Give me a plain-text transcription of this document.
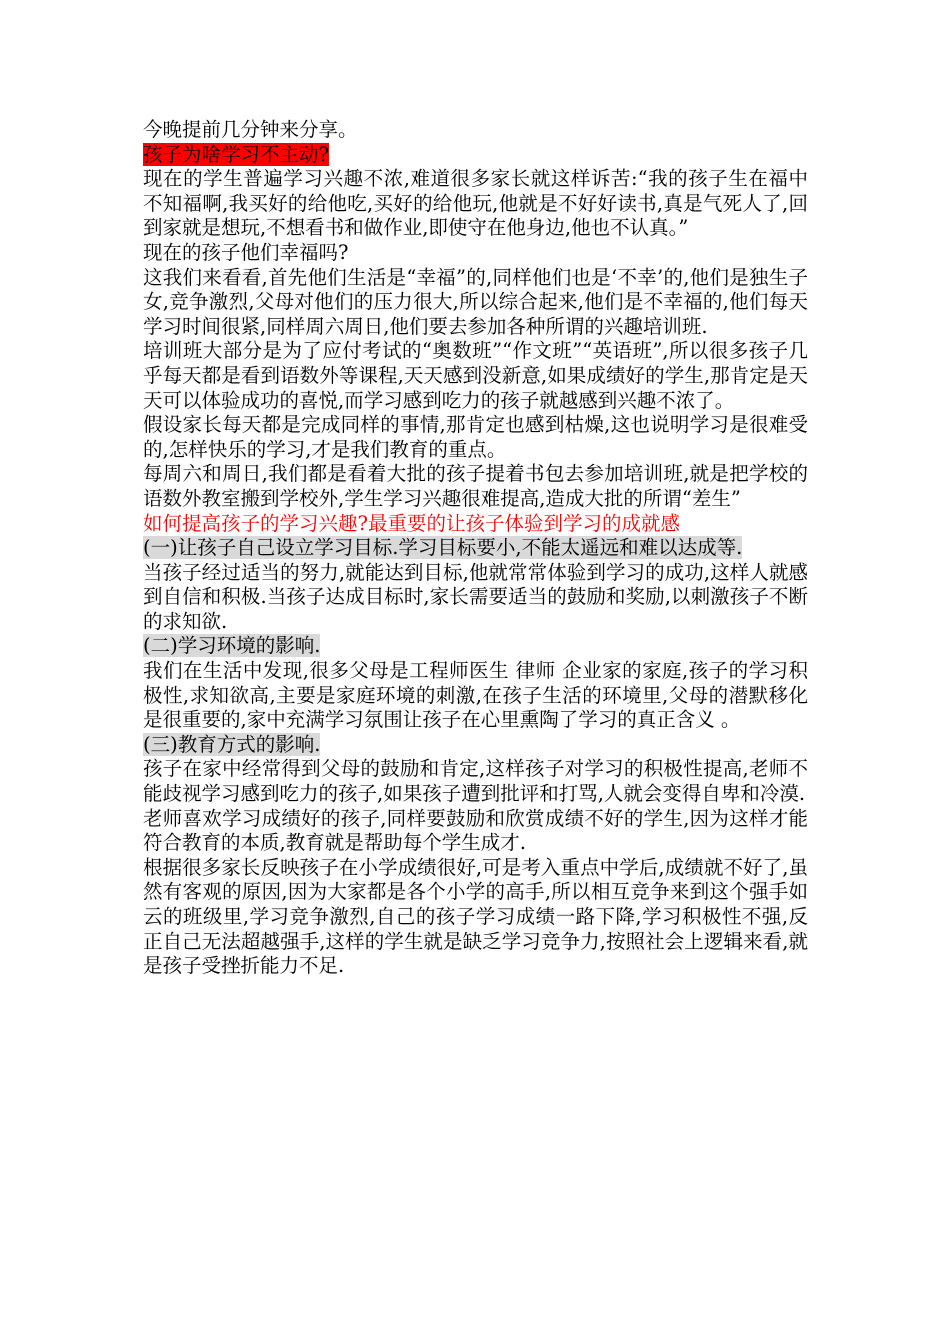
今晚提前几分钟来分享。

孩子为啥学习不主动?

现在的学生普遍学习兴趣不浓,难道很多家长就这样诉苦:“我的孩子生在福中不知福啊,我买好的给他吃,买好的给他玩,他就是不好好读书,真是气死人了,回到家就是想玩,不想看书和做作业,即使守在他身边,他也不认真。”

现在的孩子他们幸福吗?

这我们来看看,首先他们生活是“幸福”的,同样他们也是‘不幸’的,他们是独生子女,竞争激烈,父母对他们的压力很大,所以综合起来,他们是不幸福的,他们每天学习时间很紧,同样周六周日,他们要去参加各种所谓的兴趣培训班.

培训班大部分是为了应付考试的“奥数班”“作文班”“英语班”,所以很多孩子几乎每天都是看到语数外等课程,天天感到没新意,如果成绩好的学生,那肯定是天天可以体验成功的喜悦,而学习感到吃力的孩子就越感到兴趣不浓了。

假设家长每天都是完成同样的事情,那肯定也感到枯燥,这也说明学习是很难受的,怎样快乐的学习,才是我们教育的重点。

每周六和周日,我们都是看着大批的孩子提着书包去参加培训班,就是把学校的语数外教室搬到学校外,学生学习兴趣很难提高,造成大批的所谓“差生”

如何提高孩子的学习兴趣?最重要的让孩子体验到学习的成就感

(一)让孩子自己设立学习目标.学习目标要小,不能太遥远和难以达成等.

当孩子经过适当的努力,就能达到目标,他就常常体验到学习的成功,这样人就感到自信和积极.当孩子达成目标时,家长需要适当的鼓励和奖励,以刺激孩子不断的求知欲.

(二)学习环境的影响.

我们在生活中发现,很多父母是工程师医生 律师 企业家的家庭,孩子的学习积极性,求知欲高,主要是家庭环境的刺激,在孩子生活的环境里,父母的潜默移化是很重要的,家中充满学习氛围让孩子在心里熏陶了学习的真正含义 。

(三)教育方式的影响.

孩子在家中经常得到父母的鼓励和肯定,这样孩子对学习的积极性提高,老师不能歧视学习感到吃力的孩子,如果孩子遭到批评和打骂,人就会变得自卑和冷漠.

老师喜欢学习成绩好的孩子,同样要鼓励和欣赏成绩不好的学生,因为这样才能符合教育的本质,教育就是帮助每个学生成才.

根据很多家长反映孩子在小学成绩很好,可是考入重点中学后,成绩就不好了,虽然有客观的原因,因为大家都是各个小学的高手,所以相互竞争来到这个强手如云的班级里,学习竞争激烈,自己的孩子学习成绩一路下降,学习积极性不强,反正自己无法超越强手,这样的学生就是缺乏学习竞争力,按照社会上逻辑来看,就是孩子受挫折能力不足.
